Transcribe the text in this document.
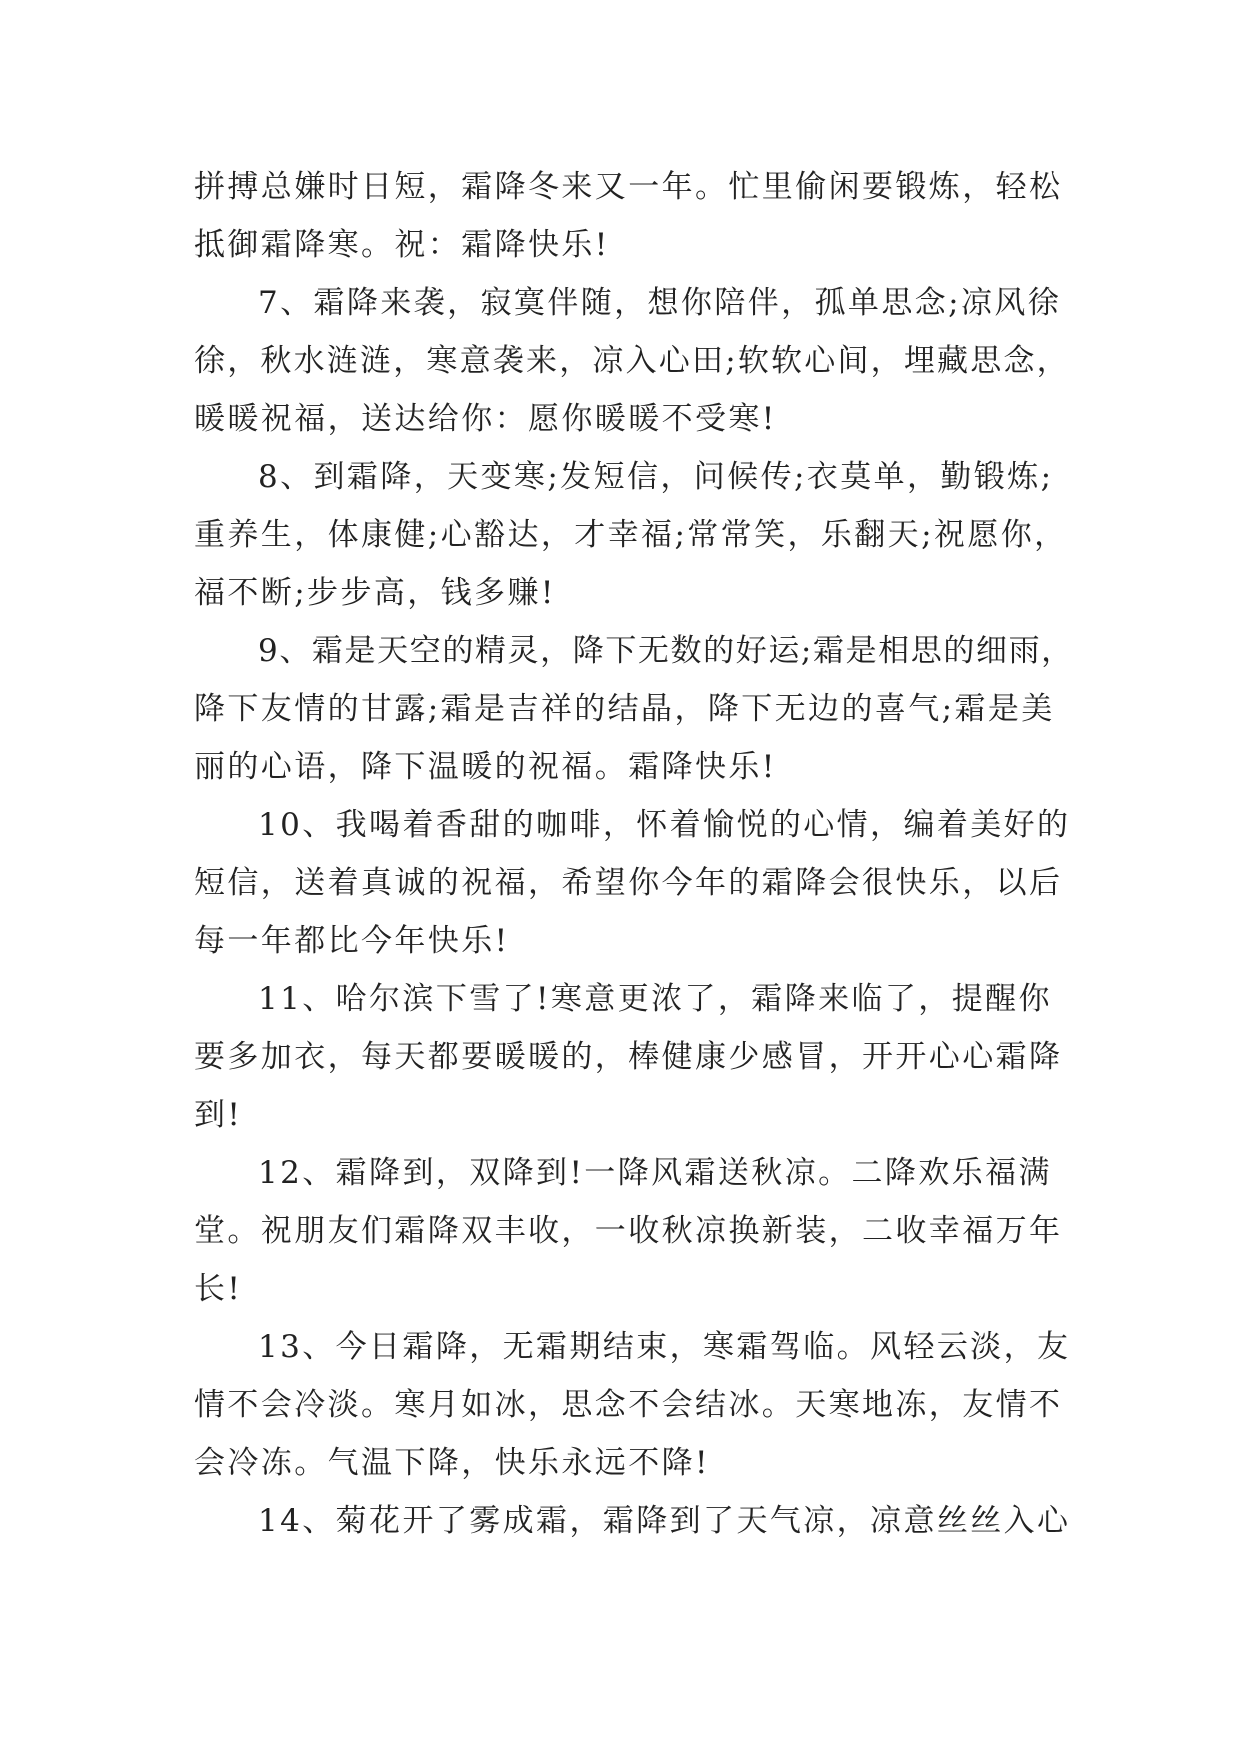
拼搏总嫌时日短，霜降冬来又一年。忙里偷闲要锻炼，轻松
抵御霜降寒。祝：霜降快乐!
7、霜降来袭，寂寞伴随，想你陪伴，孤单思念;凉风徐
徐，秋水涟涟，寒意袭来，凉入心田;软软心间，埋藏思念，
暖暖祝福，送达给你：愿你暖暖不受寒!
8、到霜降，天变寒;发短信，问候传;衣莫单，勤锻炼;
重养生，体康健;心豁达，才幸福;常常笑，乐翻天;祝愿你，
福不断;步步高，钱多赚!
9、霜是天空的精灵，降下无数的好运;霜是相思的细雨，
降下友情的甘露;霜是吉祥的结晶，降下无边的喜气;霜是美
丽的心语，降下温暖的祝福。霜降快乐!
10、我喝着香甜的咖啡，怀着愉悦的心情，编着美好的
短信，送着真诚的祝福，希望你今年的霜降会很快乐，以后
每一年都比今年快乐!
11、哈尔滨下雪了!寒意更浓了，霜降来临了，提醒你
要多加衣，每天都要暖暖的，棒健康少感冒，开开心心霜降
到!
12、霜降到，双降到!一降风霜送秋凉。二降欢乐福满
堂。祝朋友们霜降双丰收，一收秋凉换新装，二收幸福万年
长!
13、今日霜降，无霜期结束，寒霜驾临。风轻云淡，友
情不会冷淡。寒月如冰，思念不会结冰。天寒地冻，友情不
会冷冻。气温下降，快乐永远不降!
14、菊花开了雾成霜，霜降到了天气凉，凉意丝丝入心
